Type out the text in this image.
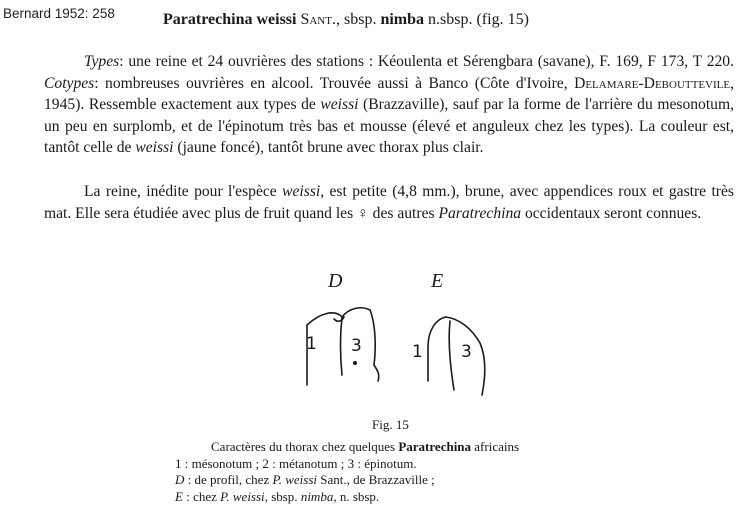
Bernard 1952: 258	Paratrechina weissi Sant., sbsp. nimba n.sbsp. (fig. 15)
Types: une reine et 24 ouvrières des stations : Kéoulenta et Sérengbara (savane), F. 169, F 173, T 220. Cotypes: nombreuses ouvrières en alcool. Trouvée aussi à Banco (Côte d'Ivoire, Delamare-Debouttevile, 1945). Ressemble exactement aux types de weissi (Brazzaville), sauf par la forme de l'arrière du mesonotum, un peu en surplomb, et de l'épinotum très bas et mousse (élevé et anguleux chez les types). La couleur est, tantôt celle de weissi (jaune foncé), tantôt brune avec thorax plus clair.
La reine, inédite pour l'espèce weissi, est petite (4,8 mm.), brune, avec appendices roux et gastre très mat. Elle sera étudiée avec plus de fruit quand les ♀ des autres Paratrechina occidentaux seront connues.
D	E
1 3	1 3
Fig. 15
Caractères du thorax chez quelques Paratrechina africains
1 : mésonotum ; 2 : métanotum ; 3 : épinotum.
D : de profil, chez P. weissi Sant., de Brazzaville ;
E : chez P. weissi, sbsp. nimba, n. sbsp.
